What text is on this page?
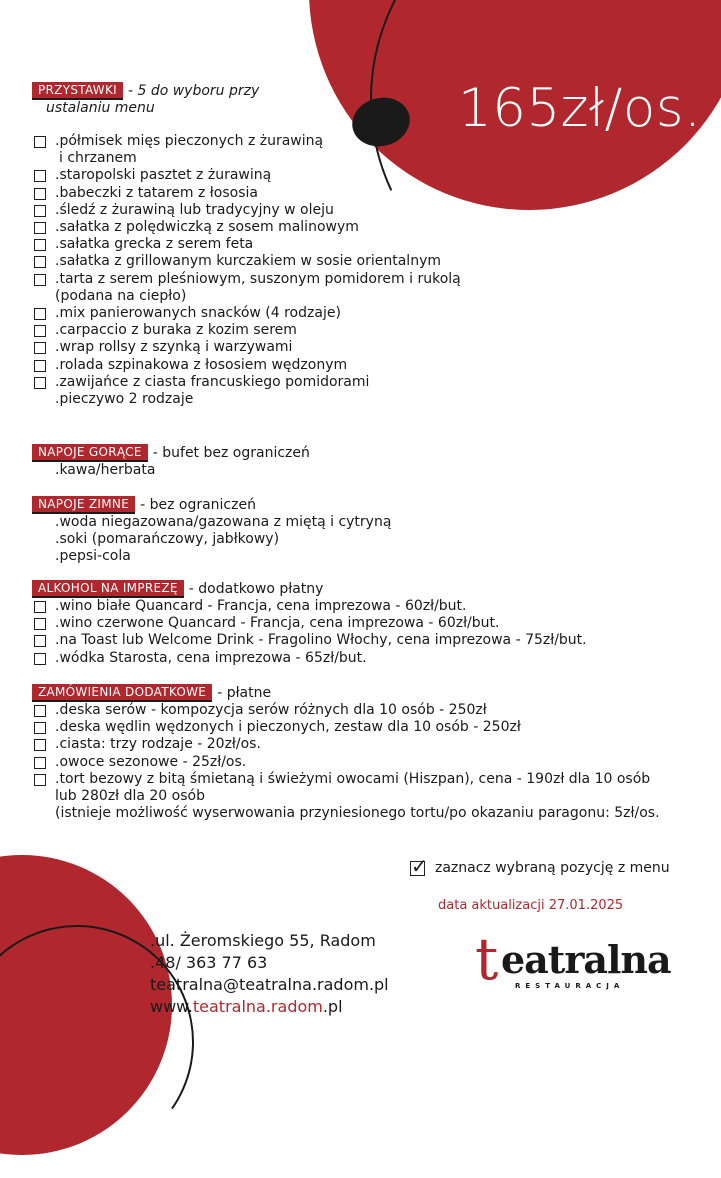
165zł/os.
PRZYSTAWKI - 5 do wyboru przy
ustalaniu menu
.półmisek mięs pieczonych z żurawiną
i chrzanem
.staropolski pasztet z żurawiną
.babeczki z tatarem z łososia
.śledź z żurawiną lub tradycyjny w oleju
.sałatka z polędwiczką z sosem malinowym
.sałatka grecka z serem feta
.sałatka z grillowanym kurczakiem w sosie orientalnym
.tarta z serem pleśniowym, suszonym pomidorem i rukolą
(podana na ciepło)
.mix panierowanych snacków (4 rodzaje)
.carpaccio z buraka z kozim serem
.wrap rollsy z szynką i warzywami
.rolada szpinakowa z łososiem wędzonym
.zawijańce z ciasta francuskiego pomidorami
.pieczywo 2 rodzaje
NAPOJE GORĄCE - bufet bez ograniczeń
.kawa/herbata
NAPOJE ZIMNE - bez ograniczeń
.woda niegazowana/gazowana z miętą i cytryną
.soki (pomarańczowy, jabłkowy)
.pepsi-cola
ALKOHOL NA IMPREZĘ - dodatkowo płatny
.wino białe Quancard - Francja, cena imprezowa - 60zł/but.
.wino czerwone Quancard - Francja, cena imprezowa - 60zł/but.
.na Toast lub Welcome Drink - Fragolino Włochy, cena imprezowa - 75zł/but.
.wódka Starosta, cena imprezowa - 65zł/but.
ZAMÓWIENIA DODATKOWE - płatne
.deska serów - kompozycja serów różnych dla 10 osób - 250zł
.deska wędlin wędzonych i pieczonych, zestaw dla 10 osób - 250zł
.ciasta: trzy rodzaje - 20zł/os.
.owoce sezonowe - 25zł/os.
.tort bezowy z bitą śmietaną i świeżymi owocami (Hiszpan), cena - 190zł dla 10 osób
lub 280zł dla 20 osób
(istnieje możliwość wyserwowania przyniesionego tortu/po okazaniu paragonu: 5zł/os.
✓ zaznacz wybraną pozycję z menu
data aktualizacji 27.01.2025
.ul. Żeromskiego 55, Radom
.48/ 363 77 63
teatralna@teatralna.radom.pl
www.teatralna.radom.pl
t eatralna
RESTAURACJA
